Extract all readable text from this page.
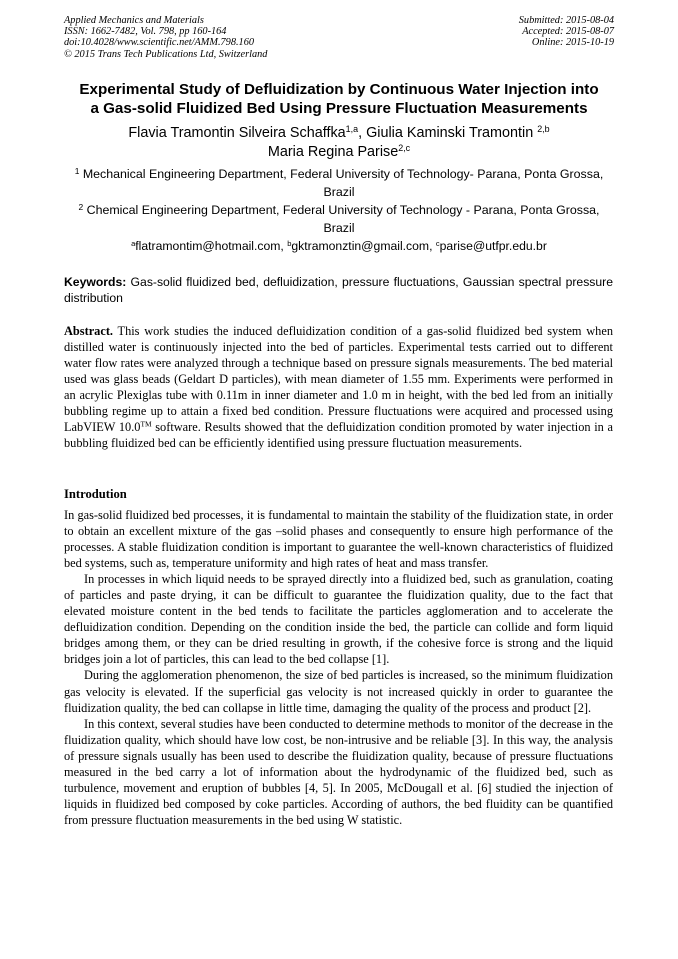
Applied Mechanics and Materials
ISSN: 1662-7482, Vol. 798, pp 160-164
doi:10.4028/www.scientific.net/AMM.798.160
© 2015 Trans Tech Publications Ltd, Switzerland
Submitted: 2015-08-04
Accepted: 2015-08-07
Online: 2015-10-19
Experimental Study of Defluidization by Continuous Water Injection into
a Gas-solid Fluidized Bed Using Pressure Fluctuation Measurements
Flavia Tramontin Silveira Schaffka$^{1,a}$, Giulia Kaminski Tramontin $^{2,b}$
Maria Regina Parise$^{2,c}$
$^1$ Mechanical Engineering Department, Federal University of Technology- Parana, Ponta Grossa, Brazil
$^2$ Chemical Engineering Department, Federal University of Technology - Parana, Ponta Grossa, Brazil
$^a$flatramontim@hotmail.com, $^b$gktramonztin@gmail.com, $^c$parise@utfpr.edu.br
Keywords: Gas-solid fluidized bed, defluidization, pressure fluctuations, Gaussian spectral pressure distribution
Abstract. This work studies the induced defluidization condition of a gas-solid fluidized bed system when distilled water is continuously injected into the bed of particles. Experimental tests carried out to different water flow rates were analyzed through a technique based on pressure signals measurements. The bed material used was glass beads (Geldart D particles), with mean diameter of 1.55 mm. Experiments were performed in an acrylic Plexiglas tube with 0.11m in inner diameter and 1.0 m in height, with the bed led from an initially bubbling regime up to attain a fixed bed condition. Pressure fluctuations were acquired and processed using LabVIEW 10.0™ software. Results showed that the defluidization condition promoted by water injection in a bubbling fluidized bed can be efficiently identified using pressure fluctuation measurements.
Introdution

In gas-solid fluidized bed processes, it is fundamental to maintain the stability of the fluidization state, in order to obtain an excellent mixture of the gas –solid phases and consequently to ensure high performance of the processes. A stable fluidization condition is important to guarantee the well-known characteristics of fluidized bed systems, such as, temperature uniformity and high rates of heat and mass transfer.

In processes in which liquid needs to be sprayed directly into a fluidized bed, such as granulation, coating of particles and paste drying, it can be difficult to guarantee the fluidization quality, due to the fact that elevated moisture content in the bed tends to facilitate the particles agglomeration and to accelerate the defluidization condition. Depending on the condition inside the bed, the particle can collide and form liquid bridges among them, or they can be dried resulting in growth, if the cohesive force is strong and the liquid bridges join a lot of particles, this can lead to the bed collapse [1].

During the agglomeration phenomenon, the size of bed particles is increased, so the minimum fluidization gas velocity is elevated. If the superficial gas velocity is not increased quickly in order to guarantee the fluidization quality, the bed can collapse in little time, damaging the quality of the process and product [2].

In this context, several studies have been conducted to determine methods to monitor of the decrease in the fluidization quality, which should have low cost, be non-intrusive and be reliable [3]. In this way, the analysis of pressure signals usually has been used to describe the fluidization quality, because of pressure fluctuations measured in the bed carry a lot of information about the hydrodynamic of the fluidized bed, such as turbulence, movement and eruption of bubbles [4, 5]. In 2005, McDougall et al. [6] studied the injection of liquids in fluidized bed composed by coke particles. According of authors, the bed fluidity can be quantified from pressure fluctuation measurements in the bed using W statistic.
